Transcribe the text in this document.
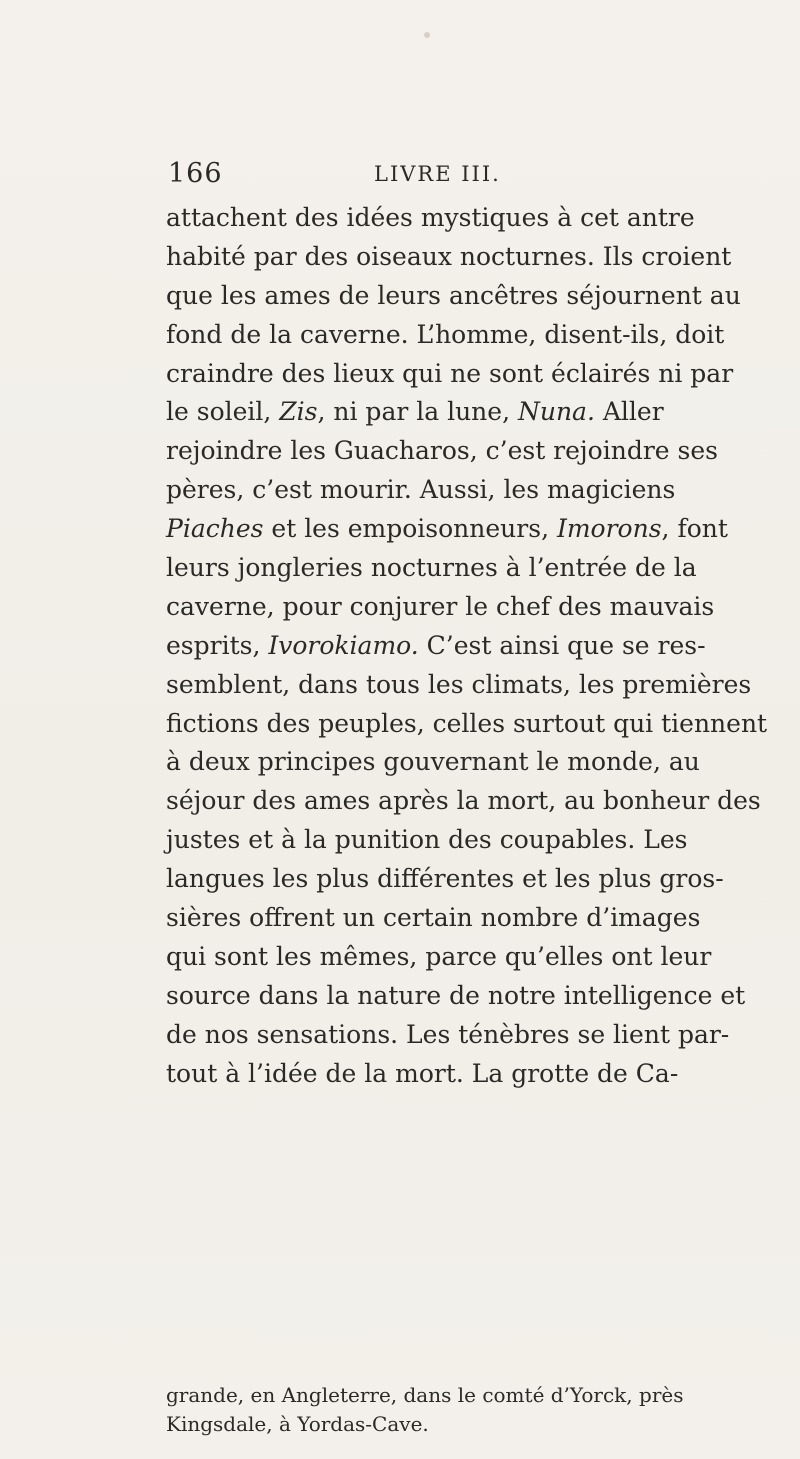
166	LIVRE III.
attachent des idées mystiques à cet antre
habité par des oiseaux nocturnes. Ils croient
que les ames de leurs ancêtres séjournent au
fond de la caverne. L’homme, disent-ils, doit
craindre des lieux qui ne sont éclairés ni par
le soleil, Zis, ni par la lune, Nuna. Aller
rejoindre les Guacharos, c’est rejoindre ses
pères, c’est mourir. Aussi, les magiciens
Piaches et les empoisonneurs, Imorons, font
leurs jongleries nocturnes à l’entrée de la
caverne, pour conjurer le chef des mauvais
esprits, Ivorokiamo. C’est ainsi que se res-
semblent, dans tous les climats, les premières
fictions des peuples, celles surtout qui tiennent
à deux principes gouvernant le monde, au
séjour des ames après la mort, au bonheur des
justes et à la punition des coupables. Les
langues les plus différentes et les plus gros-
sières offrent un certain nombre d’images
qui sont les mêmes, parce qu’elles ont leur
source dans la nature de notre intelligence et
de nos sensations. Les ténèbres se lient par-
tout à l’idée de la mort. La grotte de Ca-
grande, en Angleterre, dans le comté d’Yorck, près
Kingsdale, à Yordas-Cave.
